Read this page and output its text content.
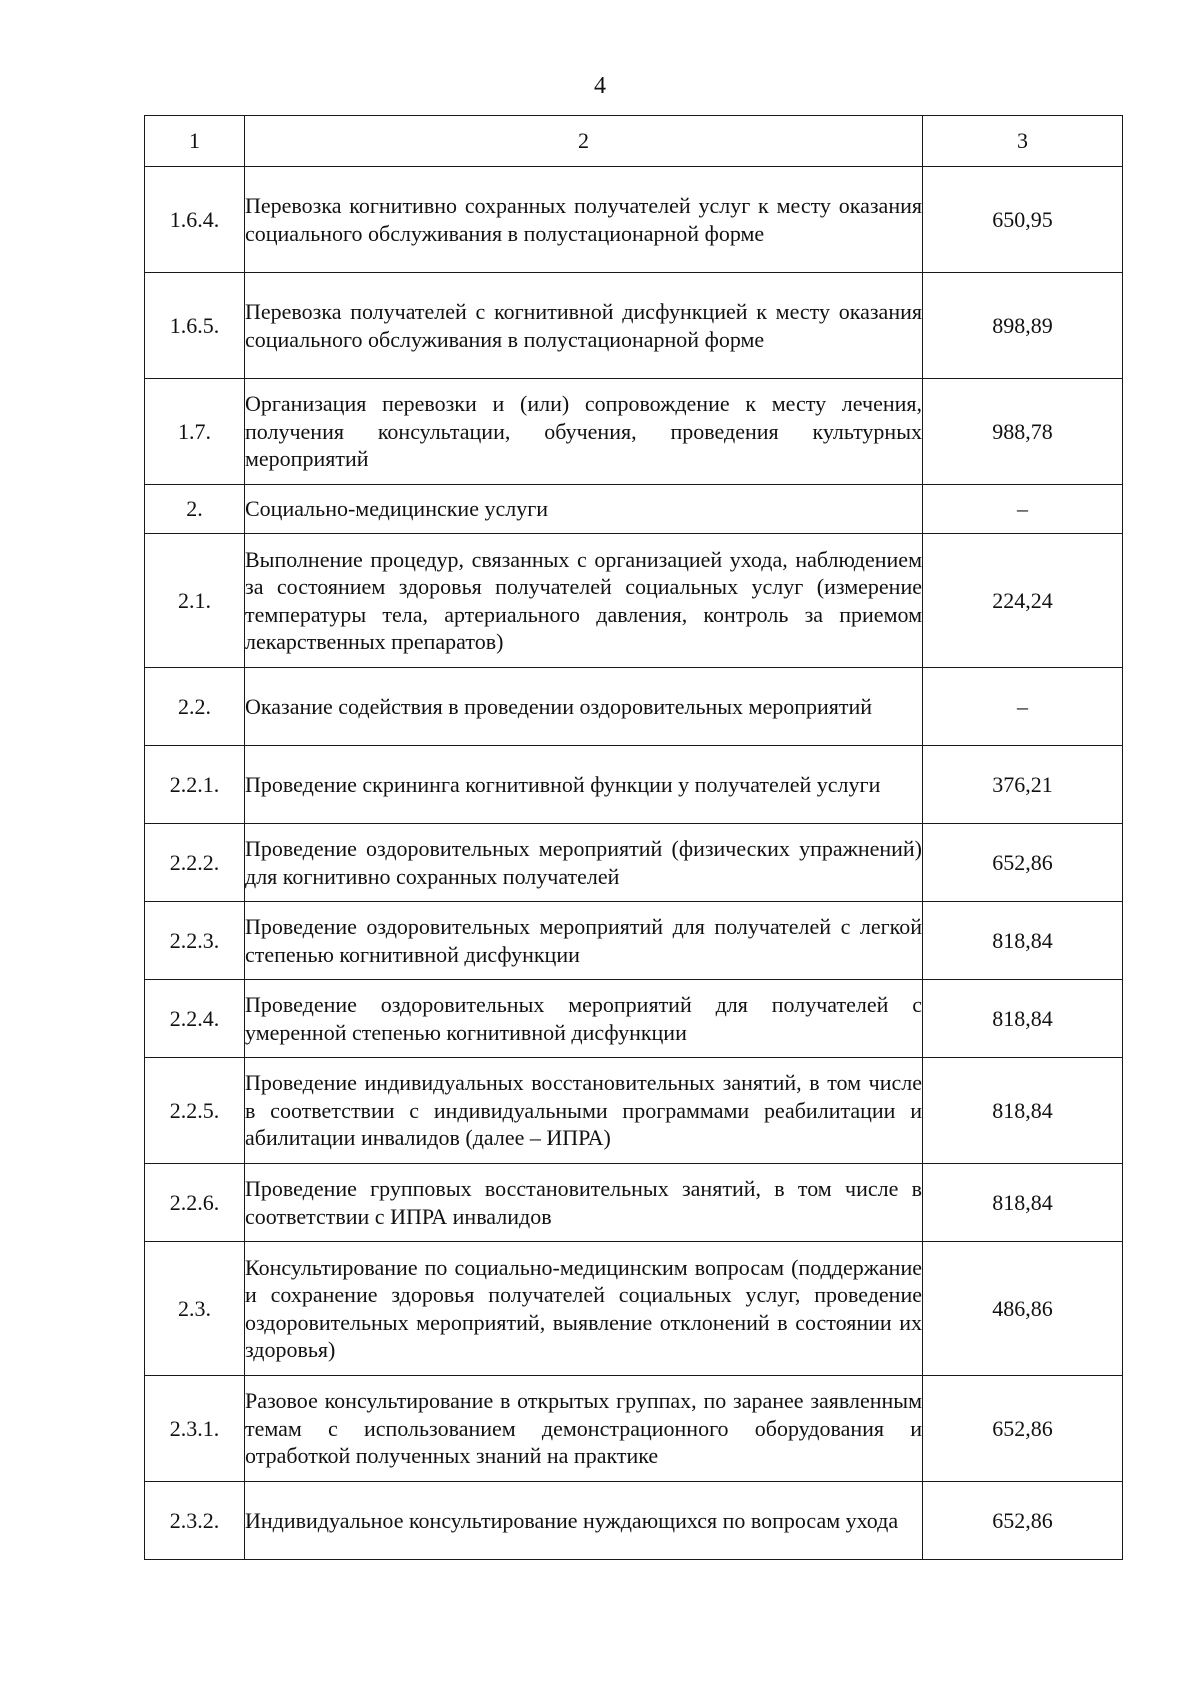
4
1	2	3
1.6.4.	Перевозка когнитивно сохранных получателей услуг к месту оказания социального обслуживания в полустационарной форме	650,95
1.6.5.	Перевозка получателей с когнитивной дисфункцией к месту оказания социального обслуживания в полустационарной форме	898,89
1.7.	Организация перевозки и (или) сопровождение к месту лечения, получения консультации, обучения, проведения культурных мероприятий	988,78
2.	Социально-медицинские услуги	–
2.1.	Выполнение процедур, связанных с организацией ухода, наблюдением за состоянием здоровья получателей социальных услуг (измерение температуры тела, артериального давления, контроль за приемом лекарственных препаратов)	224,24
2.2.	Оказание содействия в проведении оздоровительных мероприятий	–
2.2.1.	Проведение скрининга когнитивной функции у получателей услуги	376,21
2.2.2.	Проведение оздоровительных мероприятий (физических упражнений) для когнитивно сохранных получателей	652,86
2.2.3.	Проведение оздоровительных мероприятий для получателей с легкой степенью когнитивной дисфункции	818,84
2.2.4.	Проведение оздоровительных мероприятий для получателей с умеренной степенью когнитивной дисфункции	818,84
2.2.5.	Проведение индивидуальных восстановительных занятий, в том числе в соответствии с индивидуальными программами реабилитации и абилитации инвалидов (далее – ИПРА)	818,84
2.2.6.	Проведение групповых восстановительных занятий, в том числе в соответствии с ИПРА инвалидов	818,84
2.3.	Консультирование по социально-медицинским вопросам (поддержание и сохранение здоровья получателей социальных услуг, проведение оздоровительных мероприятий, выявление отклонений в состоянии их здоровья)	486,86
2.3.1.	Разовое консультирование в открытых группах, по заранее заявленным темам с использованием демонстрационного оборудования и отработкой полученных знаний на практике	652,86
2.3.2.	Индивидуальное консультирование нуждающихся по вопросам ухода	652,86
